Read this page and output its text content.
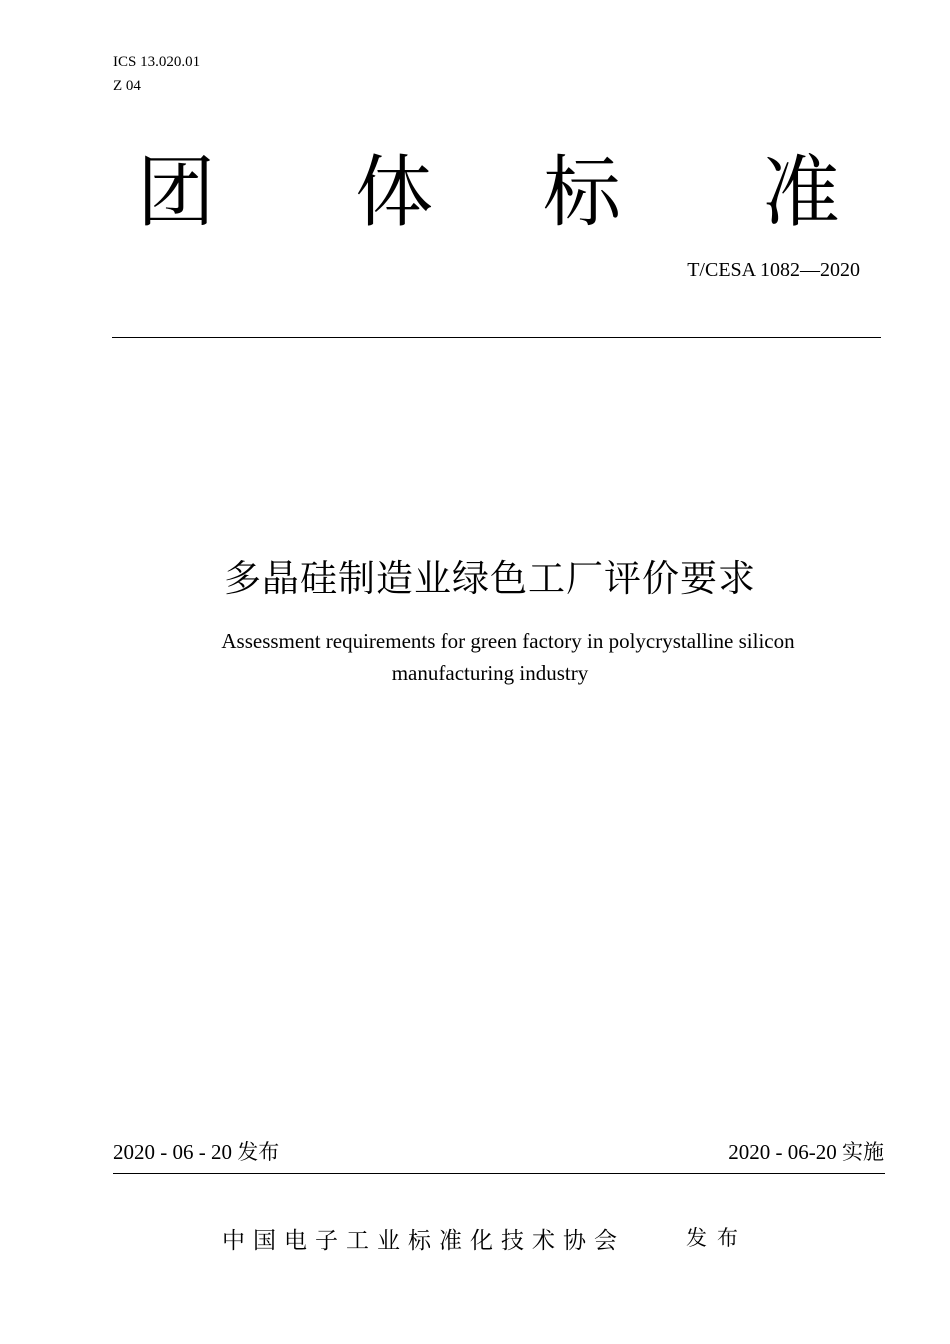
ICS 13.020.01
Z 04
团 体 标 准
T/CESA 1082—2020
多晶硅制造业绿色工厂评价要求
Assessment requirements for green factory in polycrystalline silicon
manufacturing industry
2020 - 06 - 20 发布	2020 - 06-20 实施
中国电子工业标准化技术协会	发布
